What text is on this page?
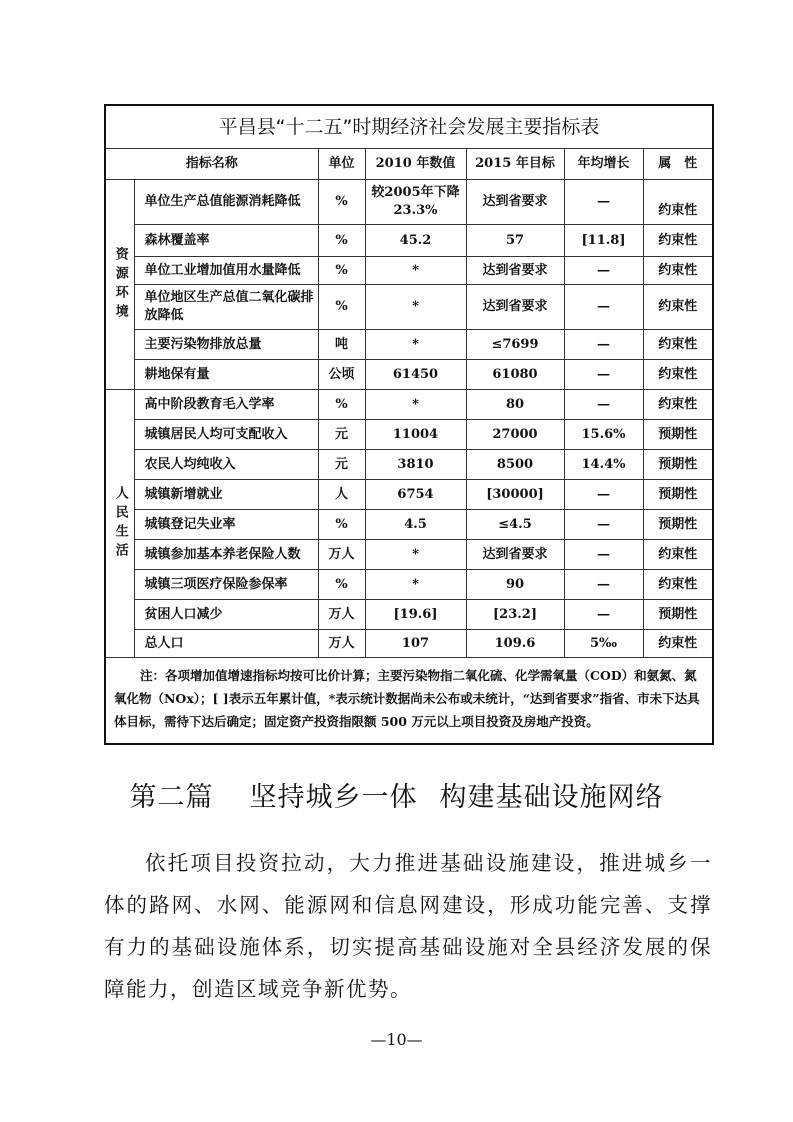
平昌县“十二五”时期经济社会发展主要指标表						
指标名称		单位	2010 年数值	2015 年目标	年均增长	属　性

资源环境	单位生产总值能源消耗降低	%	较2005年下降23.3%	达到省要求	—	约束性
	森林覆盖率	%	45.2	57	[11.8]	约束性
	单位工业增加值用水量降低	%	*	达到省要求	—	约束性
	单位地区生产总值二氧化碳排放降低	%	*	达到省要求	—	约束性
	主要污染物排放总量	吨	*	≤7699	—	约束性
	耕地保有量	公顷	61450	61080	—	约束性

人民生活	高中阶段教育毛入学率	%	*	80	—	约束性
	城镇居民人均可支配收入	元	11004	27000	15.6%	预期性
	农民人均纯收入	元	3810	8500	14.4%	预期性
	城镇新增就业	人	6754	[30000]	—	预期性
	城镇登记失业率	%	4.5	≤4.5	—	预期性
	城镇参加基本养老保险人数	万人	*	达到省要求	—	约束性
	城镇三项医疗保险参保率	%	*	90	—	约束性
	贫困人口减少	万人	[19.6]	[23.2]	—	预期性
	总人口	万人	107	109.6	5‰	约束性
注：各项增加值增速指标均按可比价计算；主要污染物指二氧化硫、化学需氧量（COD）和氨氮、氮氧化物（NOx）；[ ]表示五年累计值，*表示统计数据尚未公布或未统计，“达到省要求”指省、市未下达具体目标，需待下达后确定；固定资产投资指限额 500 万元以上项目投资及房地产投资。						
第二篇 坚持城乡一体 构建基础设施网络
依托项目投资拉动，大力推进基础设施建设，推进城乡一体的路网、水网、能源网和信息网建设，形成功能完善、支撑有力的基础设施体系，切实提高基础设施对全县经济发展的保障能力，创造区域竞争新优势。
—10—
